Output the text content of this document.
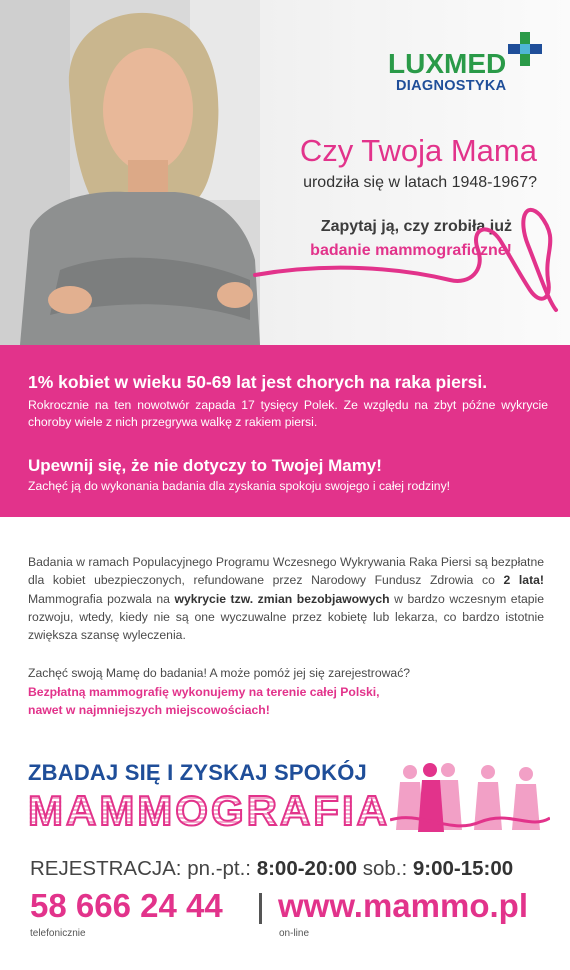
LUXMED
DIAGNOSTYKA
Czy Twoja Mama
urodziła się w latach 1948-1967?
Zapytaj ją, czy zrobiła już
badanie mammograficzne!
1% kobiet w wieku 50-69 lat jest chorych na raka piersi.
Rokrocznie na ten nowotwór zapada 17 tysięcy Polek. Ze względu na zbyt późne wykrycie choroby wiele z nich przegrywa walkę z rakiem piersi.
Upewnij się, że nie dotyczy to Twojej Mamy!
Zachęć ją do wykonania badania dla zyskania spokoju swojego i całej rodziny!
Badania w ramach Populacyjnego Programu Wczesnego Wykrywania Raka Piersi są bezpłatne dla kobiet ubezpieczonych, refundowane przez Narodowy Fundusz Zdrowia co 2 lata! Mammografia pozwala na wykrycie tzw. zmian bezobjawowych w bardzo wczesnym etapie rozwoju, wtedy, kiedy nie są one wyczuwalne przez kobietę lub lekarza, co bardzo istotnie zwiększa szansę wyleczenia.
Zachęć swoją Mamę do badania! A może pomóż jej się zarejestrować?
Bezpłatną mammografię wykonujemy na terenie całej Polski,
nawet w najmniejszych miejscowościach!
ZBADAJ SIĘ I ZYSKAJ SPOKÓJ
MAMMOGRAFIA
REJESTRACJA: pn.-pt.: 8:00-20:00 sob.: 9:00-15:00
58 666 24 44 www.mammo.pl
telefonicznie	on-line
